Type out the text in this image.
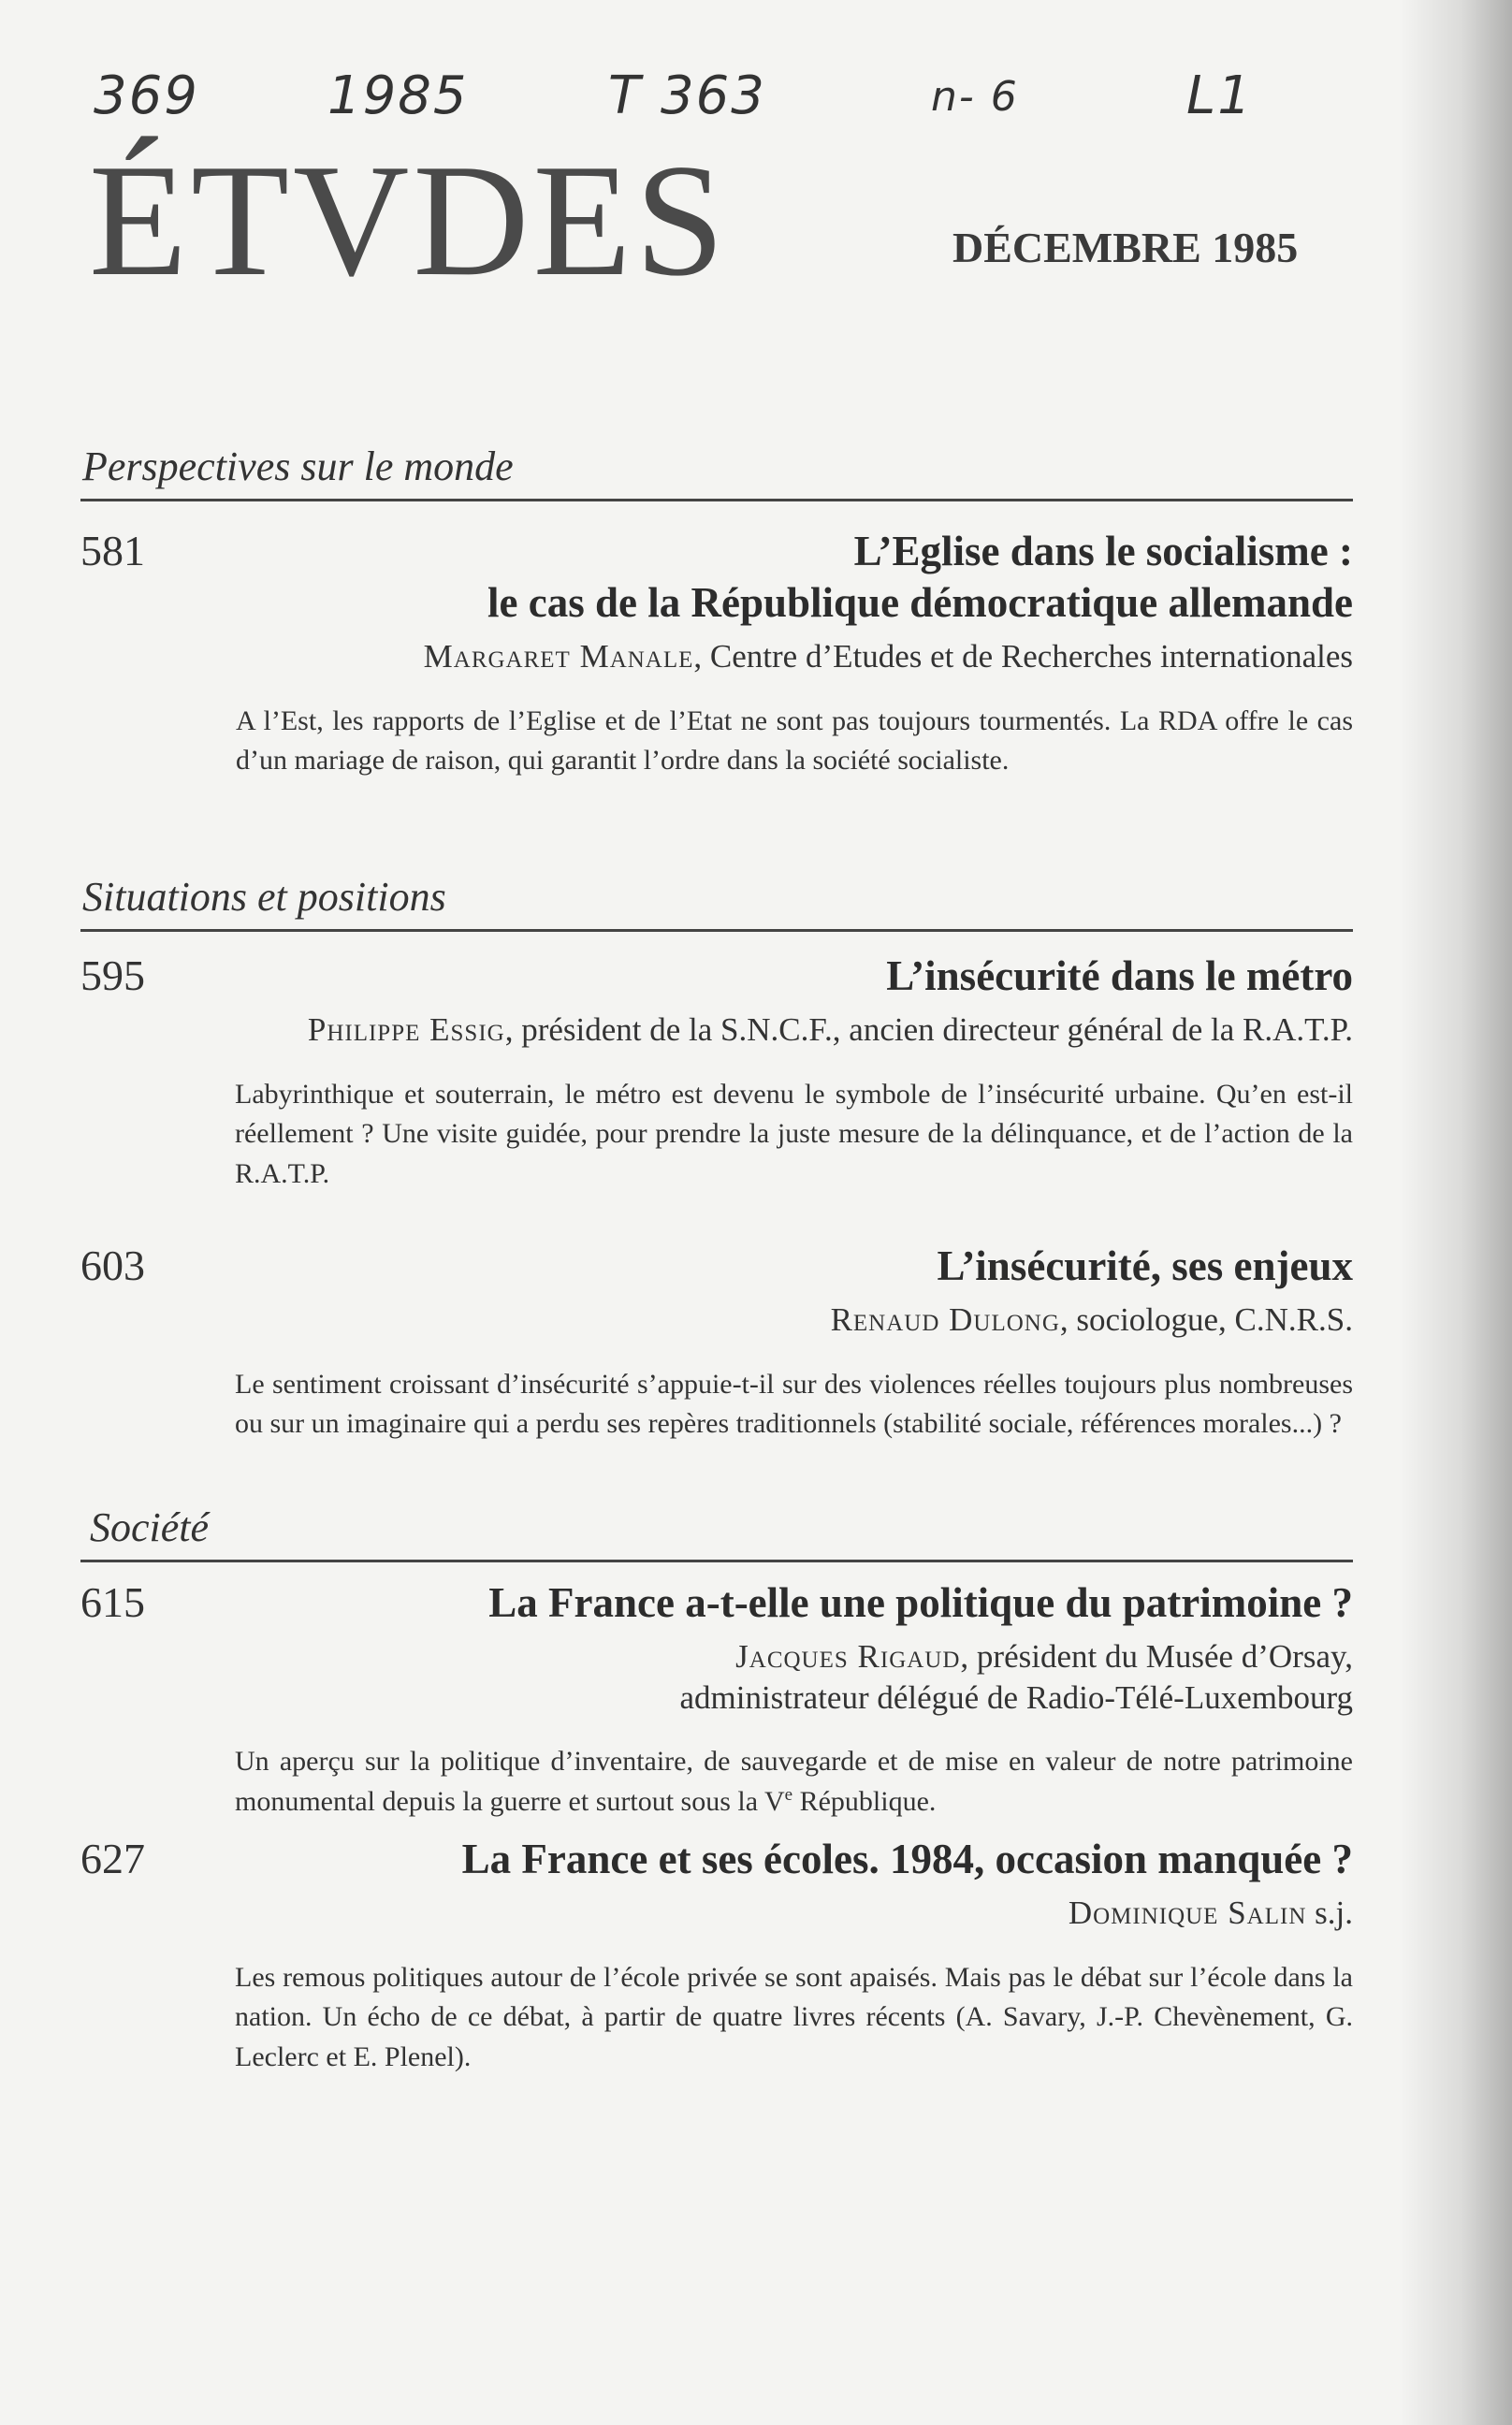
369 1985	T 363	n- 6	L1
ÉTVDES	DÉCEMBRE 1985
Perspectives sur le monde
581	L’Eglise dans le socialisme :
le cas de la République démocratique allemande
Margaret Manale, Centre d’Etudes et de Recherches internationales
A l’Est, les rapports de l’Eglise et de l’Etat ne sont pas toujours tourmentés. La RDA offre le cas d’un mariage de raison, qui garantit l’ordre dans la société socialiste.
Situations et positions
595	L’insécurité dans le métro
Philippe Essig, président de la S.N.C.F., ancien directeur général de la R.A.T.P.
Labyrinthique et souterrain, le métro est devenu le symbole de l’insécurité urbaine. Qu’en est-il réellement ? Une visite guidée, pour prendre la juste mesure de la délinquance, et de l’action de la R.A.T.P.
603	L’insécurité, ses enjeux
Renaud Dulong, sociologue, C.N.R.S.
Le sentiment croissant d’insécurité s’appuie-t-il sur des violences réelles toujours plus nombreuses ou sur un imaginaire qui a perdu ses repères traditionnels (stabilité sociale, références morales...) ?
Société
615	La France a-t-elle une politique du patrimoine ?
Jacques Rigaud, président du Musée d’Orsay,
administrateur délégué de Radio-Télé-Luxembourg
Un aperçu sur la politique d’inventaire, de sauvegarde et de mise en valeur de notre patrimoine monumental depuis la guerre et surtout sous la Ve République.
627	La France et ses écoles. 1984, occasion manquée ?
Dominique Salin s.j.
Les remous politiques autour de l’école privée se sont apaisés. Mais pas le débat sur l’école dans la nation. Un écho de ce débat, à partir de quatre livres récents (A. Savary, J.-P. Chevènement, G. Leclerc et E. Plenel).
